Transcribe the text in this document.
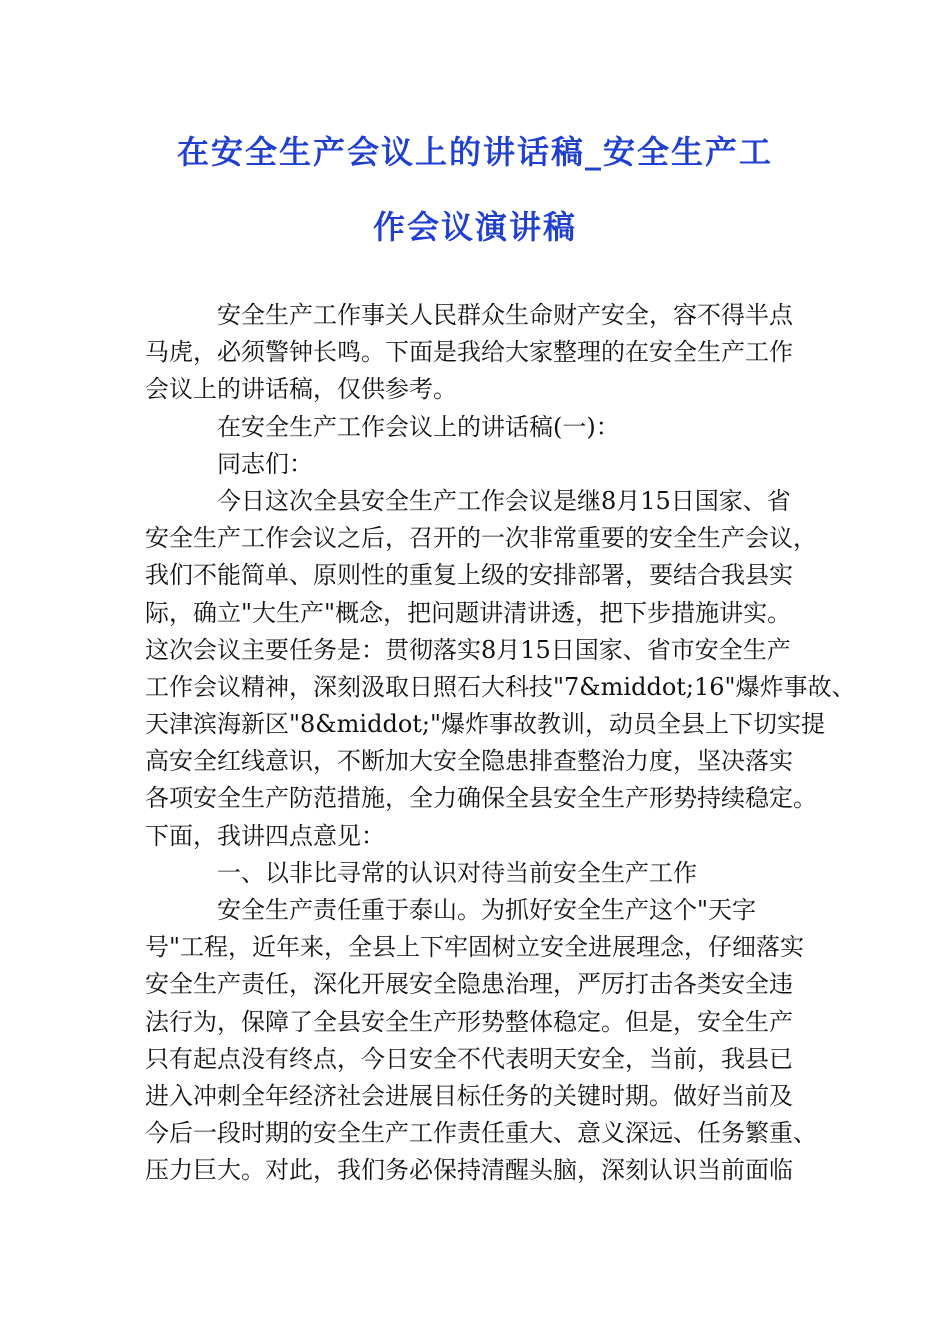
在安全生产会议上的讲话稿_安全生产工
作会议演讲稿
安全生产工作事关人民群众生命财产安全，容不得半点
马虎，必须警钟长鸣。下面是我给大家整理的在安全生产工作
会议上的讲话稿，仅供参考。
在安全生产工作会议上的讲话稿(一)：
同志们：
今日这次全县安全生产工作会议是继8月15日国家、省
安全生产工作会议之后，召开的一次非常重要的安全生产会议，
我们不能简单、原则性的重复上级的安排部署，要结合我县实
际，确立"大生产"概念，把问题讲清讲透，把下步措施讲实。
这次会议主要任务是：贯彻落实8月15日国家、省市安全生产
工作会议精神，深刻汲取日照石大科技"7&middot;16"爆炸事故、
天津滨海新区"8&middot;"爆炸事故教训，动员全县上下切实提
高安全红线意识，不断加大安全隐患排查整治力度，坚决落实
各项安全生产防范措施，全力确保全县安全生产形势持续稳定。
下面，我讲四点意见：
一、以非比寻常的认识对待当前安全生产工作
安全生产责任重于泰山。为抓好安全生产这个"天字
号"工程，近年来，全县上下牢固树立安全进展理念，仔细落实
安全生产责任，深化开展安全隐患治理，严厉打击各类安全违
法行为，保障了全县安全生产形势整体稳定。但是，安全生产
只有起点没有终点，今日安全不代表明天安全，当前，我县已
进入冲刺全年经济社会进展目标任务的关键时期。做好当前及
今后一段时期的安全生产工作责任重大、意义深远、任务繁重、
压力巨大。对此，我们务必保持清醒头脑，深刻认识当前面临
